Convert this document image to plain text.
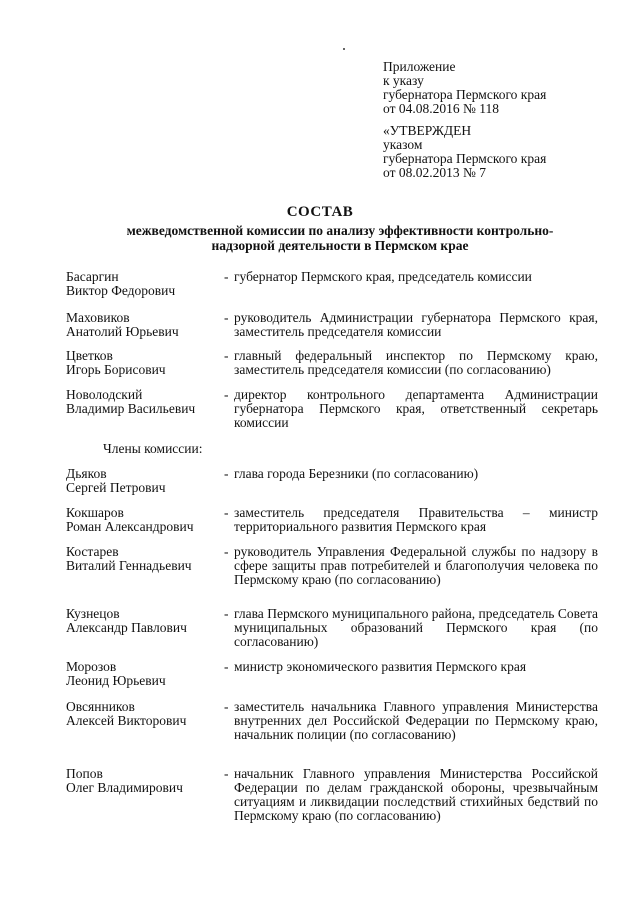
Приложение
к указу
губернатора Пермского края
от 04.08.2016 № 118
«УТВЕРЖДЕН
указом
губернатора Пермского края
от 08.02.2013 № 7
СОСТАВ
межведомственной комиссии по анализу эффективности контрольно-надзорной деятельности в Пермском крае
Басаргин
Виктор Федорович
- губернатор Пермского края, председатель комиссии
Маховиков
Анатолий Юрьевич
- руководитель Администрации губернатора Пермского края, заместитель председателя комиссии
Цветков
Игорь Борисович
- главный федеральный инспектор по Пермскому краю, заместитель председателя комиссии (по согласованию)
Новолодский
Владимир Васильевич
- директор контрольного департамента Администрации губернатора Пермского края, ответственный секретарь комиссии
Члены комиссии:
Дьяков
Сергей Петрович
- глава города Березники (по согласованию)
Кокшаров
Роман Александрович
- заместитель председателя Правительства – министр территориального развития Пермского края
Костарев
Виталий Геннадьевич
- руководитель Управления Федеральной службы по надзору в сфере защиты прав потребителей и благополучия человека по Пермскому краю (по согласованию)
Кузнецов
Александр Павлович
- глава Пермского муниципального района, председатель Совета муниципальных образований Пермского края (по согласованию)
Морозов
Леонид Юрьевич
- министр экономического развития Пермского края
Овсянников
Алексей Викторович
- заместитель начальника Главного управления Министерства внутренних дел Российской Федерации по Пермскому краю, начальник полиции (по согласованию)
Попов
Олег Владимирович
- начальник Главного управления Министерства Российской Федерации по делам гражданской обороны, чрезвычайным ситуациям и ликвидации последствий стихийных бедствий по Пермскому краю (по согласованию)
